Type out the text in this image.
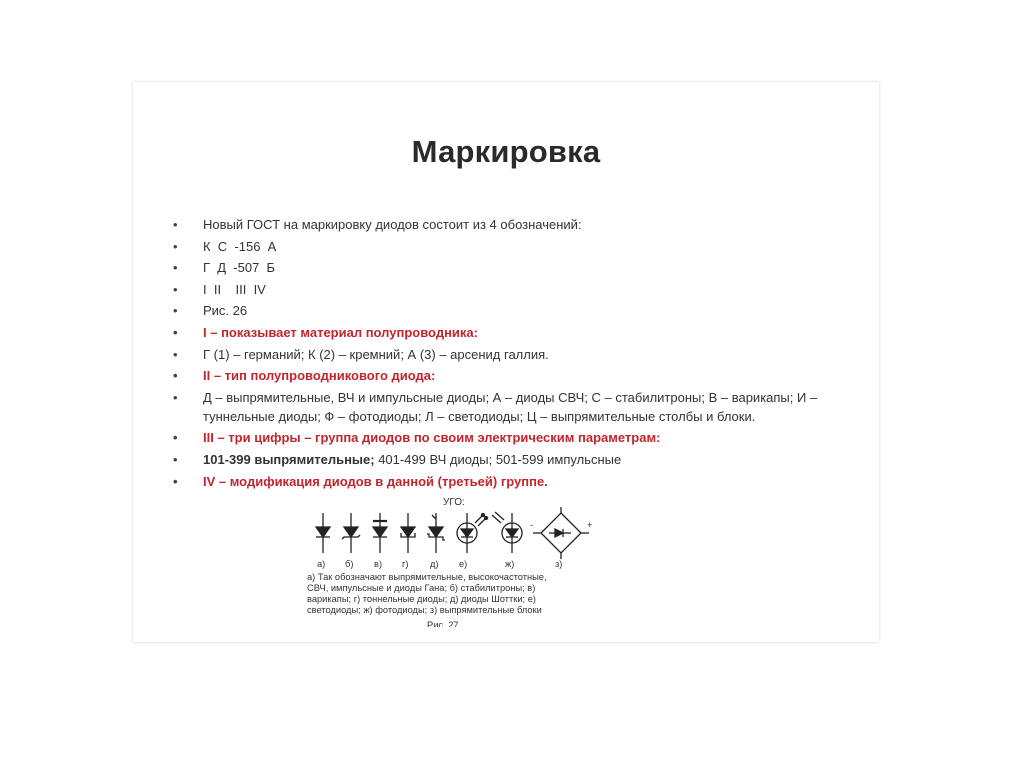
Маркировка
• Новый ГОСТ на маркировку диодов состоит из 4 обозначений:
• К  С  -156  А
• Г  Д  -507  Б
• I  II    III  IV
• Рис. 26
• I – показывает материал полупроводника:
• Г (1) – германий; К (2) – кремний; А (3) – арсенид галлия.
• II – тип полупроводникового диода:
• Д – выпрямительные, ВЧ и импульсные диоды; А – диоды СВЧ; С – стабилитроны; В – варикапы; И – туннельные диоды; Ф – фотодиоды; Л – светодиоды; Ц – выпрямительные столбы и блоки.
• III – три цифры – группа диодов по своим электрическим параметрам:
• 101-399 выпрямительные; 401-499 ВЧ диоды; 501-599 импульсные
• IV – модификация диодов в данной (третьей) группе.
УГО:
-	+
а) б) в) г) д) е)	ж)	з)
а) Так обозначают выпрямительные, высокочастотные,
СВЧ, импульсные и диоды Ганa; б) стабилитроны; в)
варикапы; г) тоннельные диоды; д) диоды Шоттки; е)
светодиоды; ж) фотодиоды; з) выпрямительные блоки
Рис. 27
